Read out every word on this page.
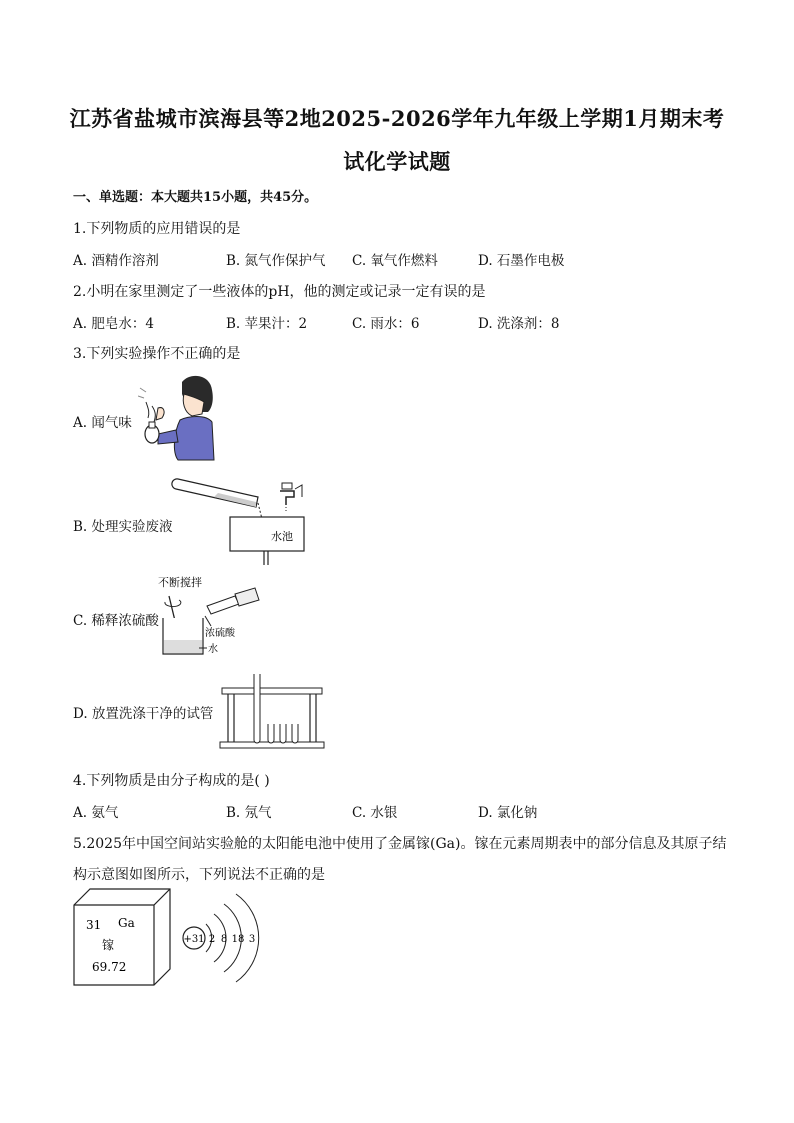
江苏省盐城市滨海县等2地2025-2026学年九年级上学期1月期末考
试化学试题
一、单选题：本大题共15小题，共45分。
1.下列物质的应用错误的是
A. 酒精作溶剂	B. 氮气作保护气 C. 氧气作燃料	D. 石墨作电极
2.小明在家里测定了一些液体的pH，他的测定或记录一定有误的是
A. 肥皂水：4	B. 苹果汁：2	C. 雨水：6	D. 洗涤剂：8
3.下列实验操作不正确的是
A. 闻气味
B. 处理实验废液
水池
C. 稀释浓硫酸
不断搅拌
浓硫酸
水
D. 放置洗涤干净的试管
4.下列物质是由分子构成的是( )
A. 氨气	B. 氖气	C. 水银	D. 氯化钠
5.2025年中国空间站实验舱的太阳能电池中使用了金属镓(Ga)。镓在元素周期表中的部分信息及其原子结
构示意图如图所示，下列说法不正确的是
31 Ga
镓
69.72
+31 2 8 18 3
